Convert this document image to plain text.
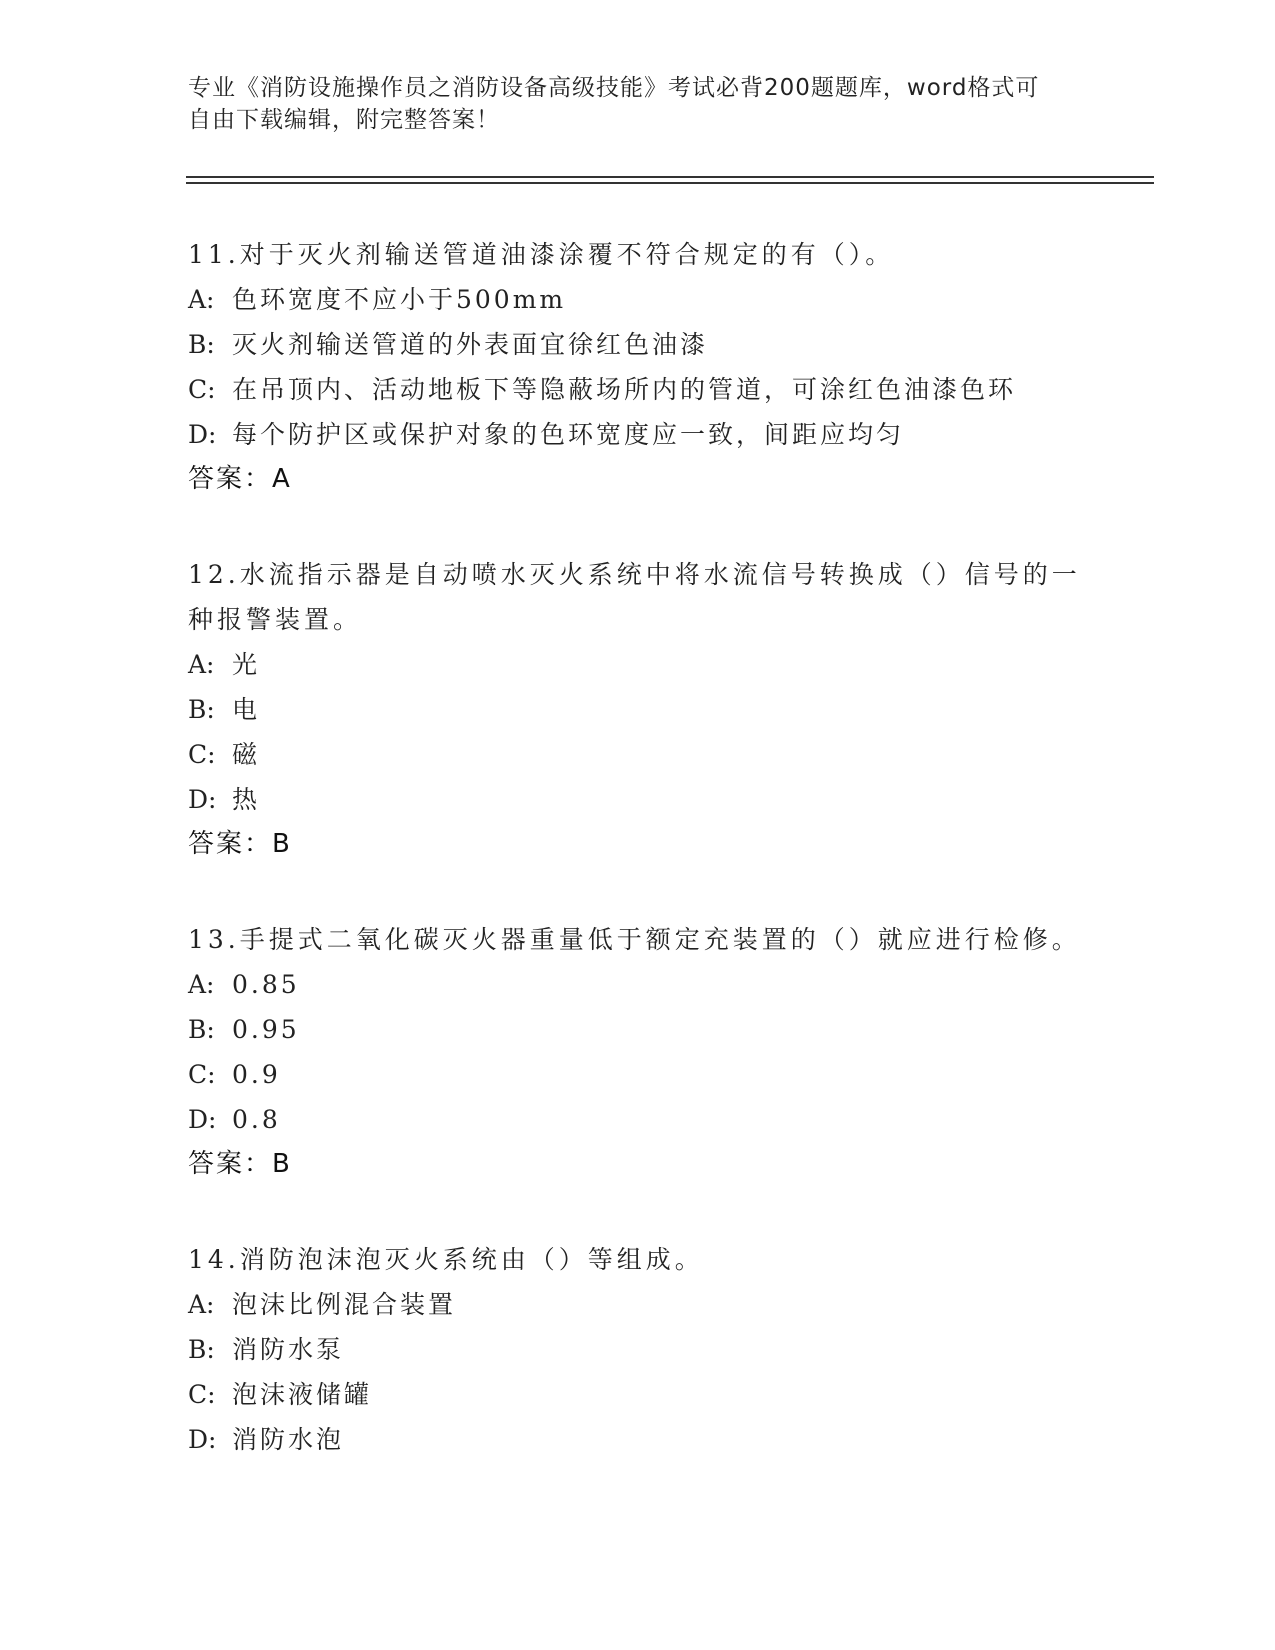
专业《消防设施操作员之消防设备高级技能》考试必背200题题库，word格式可

自由下载编辑，附完整答案！

11.对于灭火剂输送管道油漆涂覆不符合规定的有（）。

A: 色环宽度不应小于500mm

B: 灭火剂输送管道的外表面宜徐红色油漆

C: 在吊顶内、活动地板下等隐蔽场所内的管道，可涂红色油漆色环

D: 每个防护区或保护对象的色环宽度应一致，间距应均匀

答案：A

12.水流指示器是自动喷水灭火系统中将水流信号转换成（）信号的一种报警装置。

A: 光

B: 电

C: 磁

D: 热

答案：B

13.手提式二氧化碳灭火器重量低于额定充装置的（）就应进行检修。

A: 0.85

B: 0.95

C: 0.9

D: 0.8

答案：B

14.消防泡沫泡灭火系统由（）等组成。

A: 泡沫比例混合装置

B: 消防水泵

C: 泡沫液储罐

D: 消防水泡
